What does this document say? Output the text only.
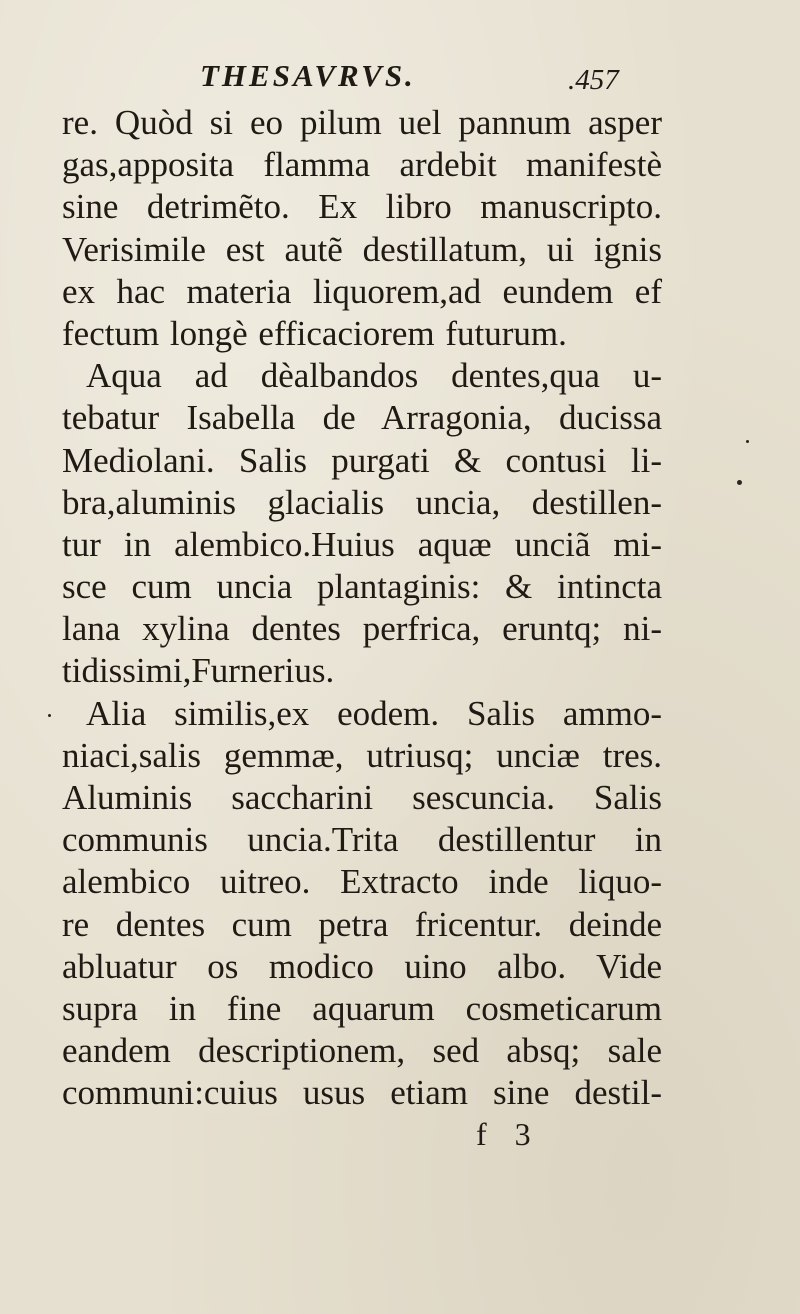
THESAVRVS.	.457
re. Quòd si eo pilum uel pannum asper
gas,apposita flamma ardebit manifestè
sine detrimẽto. Ex libro manuscripto.
Verisimile est autẽ destillatum, ui ignis
ex hac materia liquorem,ad eundem ef
fectum longè efficaciorem futurum.
Aqua ad dèalbandos dentes,qua u-
tebatur Isabella de Arragonia, ducissa
Mediolani. Salis purgati & contusi li-
bra,aluminis glacialis uncia, destillen-
tur in alembico.Huius aquæ unciã mi-
sce cum uncia plantaginis: & intincta
lana xylina dentes perfrica, eruntq; ni-
tidissimi,Furnerius.
Alia similis,ex eodem. Salis ammo-
niaci,salis gemmæ, utriusq; unciæ tres.
Aluminis saccharini sescuncia. Salis
communis uncia.Trita destillentur in
alembico uitreo. Extracto inde liquo-
re dentes cum petra fricentur. deinde
abluatur os modico uino albo. Vide
supra in fine aquarum cosmeticarum
eandem descriptionem, sed absq; sale
communi:cuius usus etiam sine destil-
f 3
